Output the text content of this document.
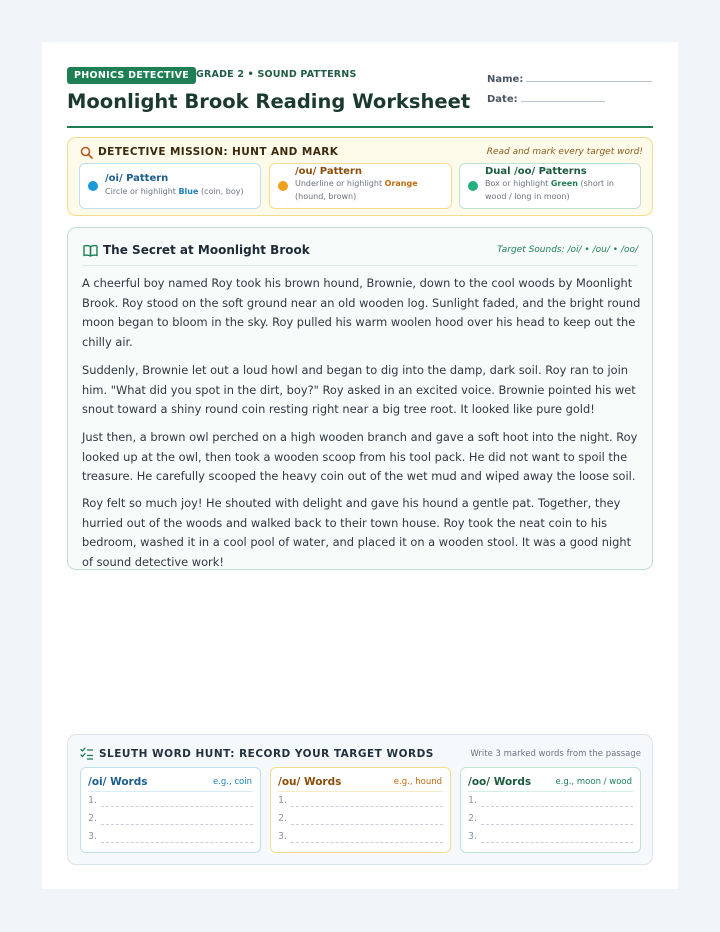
PHONICS DETECTIVE GRADE 2 • SOUND PATTERNS
Moonlight Brook Reading Worksheet
Name:
Date:
DETECTIVE MISSION: HUNT AND MARK	Read and mark every target word!
/oi/ Pattern
Circle or highlight Blue (coin, boy)
/ou/ Pattern
Underline or highlight Orange
(hound, brown)
Dual /oo/ Patterns
Box or highlight Green (short in wood / long in moon)
The Secret at Moonlight Brook	Target Sounds: /oi/ • /ou/ • /oo/

A cheerful boy named Roy took his brown hound, Brownie, down to the cool woods by Moonlight Brook. Roy stood on the soft ground near an old wooden log. Sunlight faded, and the bright round moon began to bloom in the sky. Roy pulled his warm woolen hood over his head to keep out the chilly air.

Suddenly, Brownie let out a loud howl and began to dig into the damp, dark soil. Roy ran to join him. "What did you spot in the dirt, boy?" Roy asked in an excited voice. Brownie pointed his wet snout toward a shiny round coin resting right near a big tree root. It looked like pure gold!

Just then, a brown owl perched on a high wooden branch and gave a soft hoot into the night. Roy looked up at the owl, then took a wooden scoop from his tool pack. He did not want to spoil the treasure. He carefully scooped the heavy coin out of the wet mud and wiped away the loose soil.

Roy felt so much joy! He shouted with delight and gave his hound a gentle pat. Together, they hurried out of the woods and walked back to their town house. Roy took the neat coin to his bedroom, washed it in a cool pool of water, and placed it on a wooden stool. It was a good night of sound detective work!

SLEUTH WORD HUNT: RECORD YOUR TARGET WORDS	Write 3 marked words from the passage
/oi/ Words	e.g., coin
1.
2.
3.
/ou/ Words	e.g., hound
1.
2.
3.
/oo/ Words	e.g., moon / wood
1.
2.
3.
